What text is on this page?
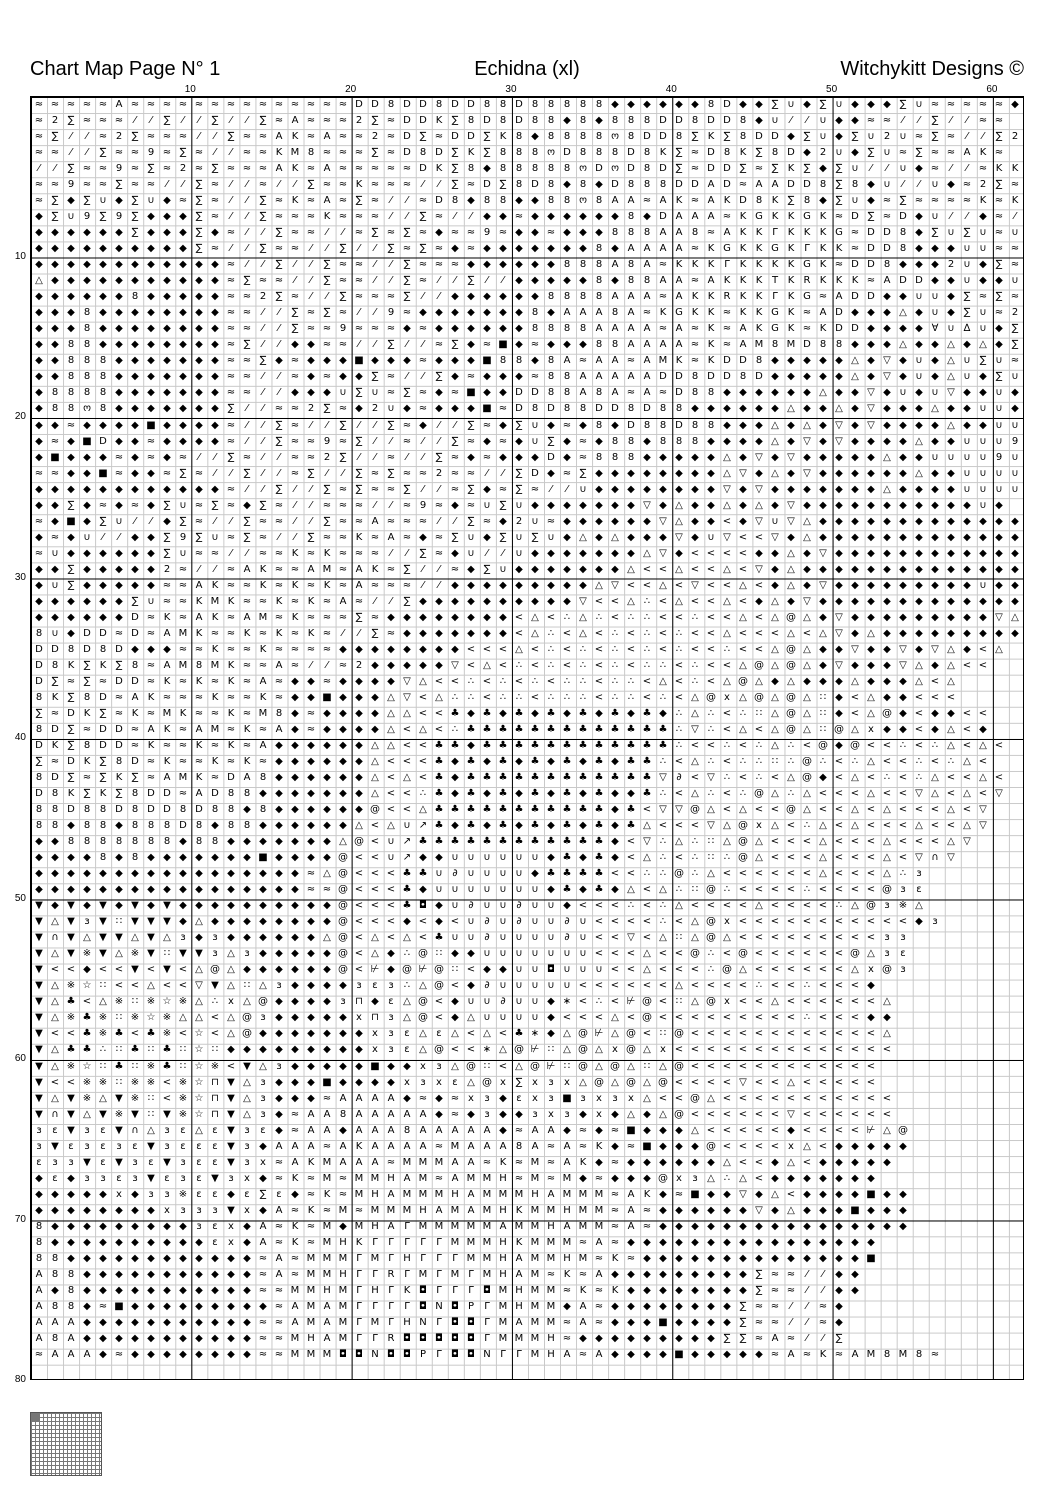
Chart Map Page N° 1	Echidna (xl)	Witchykitt Designs ©
10	20	30	40	50	60
10
20
30
40
50
60
70
80
≈ ≈ ≈ ≈ ≈ A ≈ ≈ ≈ ≈ ≈ ≈ ≈ ≈ ≈ ≈ ≈ ≈ ≈ ≈ D D 8 D D 8 D D 8 8 D 8 8 8 8 8 ◆ ◆ ◆ ◆ ◆ ◆ 8 D ◆ ◆ ∑ ∪ ◆ ∑ ∪ ◆ ◆ ◆ ∑ ∪ ≈ ≈ ≈ ≈ ≈ ◆
≈ 2 ∑ ≈ ≈ ≈	⁄	⁄	∑	⁄	⁄	∑	⁄	⁄	∑ ≈ A ≈ ≈ ≈ 2 ∑ ≈ D D K ∑ 8 D 8 D 8 8 ◆ 8 ◆ 8 8 8 D D 8 D D 8 ◆ ∪	⁄	⁄	∪ ◆ ◆ ≈ ≈	⁄	⁄	∑	⁄	⁄	≈ ≈
≈ ∑	⁄	⁄	≈ 2 ∑ ≈ ≈ ≈	⁄	⁄	∑ ≈ ≈ A K ≈ A ≈ ≈ 2 ≈ D ∑ ≈ D D ∑ K 8 ◆ 8 8 8 8 ო 8 D D 8 ∑ K ∑ 8 D D ◆ ∑ ∪ ◆ ∑ ∪ 2 ∪ ≈ ∑ ≈	⁄	⁄	∑ 2
≈ ≈	⁄	⁄	∑ ≈ ≈ 9 ≈ ∑ ≈	⁄	⁄	≈ ≈ K M 8 ≈ ≈ ≈ ∑ ≈ D 8 D ∑ K ∑ 8 8 8 ო D 8 8 8 D 8 K ∑ ≈ D 8 K ∑ 8 D ◆ 2 ∪ ◆ ∑ ∪ ≈ ∑ ≈ ≈ A K ≈
⁄	⁄	∑ ≈ ≈ 9 ≈ ∑ ≈ 2 ≈ ∑ ≈ ≈ ≈ A K ≈ A ≈ ≈ ≈ ≈ ≈ D K ∑ 8 ◆ 8 8 8 8 8 ო D ო D 8 D ∑ ≈ D D ∑ ≈ ∑ K ∑ ◆ ∑ ∪	⁄	⁄	∪ ◆ ≈	⁄	⁄	≈ K K
≈ ≈ 9 ≈ ≈ ∑ ≈ ≈	⁄	⁄	∑ ≈	⁄	⁄	≈	⁄	⁄	∑ ≈ ≈ K ≈ ≈ ≈	⁄	⁄	∑ ≈ D ∑ 8 D 8 ◆ 8 ◆ D 8 8 8 D D A D ≈ A A D D 8 ∑ 8 ◆ ∪	⁄	⁄	∪ ◆ ≈ 2 ∑ ≈
≈ ∑ ◆ ∑ ∪ ◆ ∑ ∪ ◆ ≈ ∑ ≈	⁄	⁄	∑ ≈ K ≈ A ≈ ∑ ≈	⁄	⁄	≈ D 8 ◆ 8 8 ◆ ◆ 8 8 ო 8 A A ≈ A K ≈ A K D 8 K ∑ 8 ◆ ∑ ∪ ◆ ≈ ∑ ≈ ≈ ≈ ≈ K ≈ K
◆ ∑ ∪ 9 ∑ 9 ∑ ◆ ◆ ◆ ∑ ≈	⁄	⁄	∑ ≈ ≈ ≈ K ≈ ≈ ≈	⁄	⁄	∑ ≈	⁄	⁄	◆ ◆ ≈ ◆ ◆ ◆ ◆ ◆ ◆ 8 ◆ D A A A ≈ K G K K G K ≈ D ∑ ≈ D ◆ ∪	⁄	⁄	◆ ≈	⁄
◆ ◆ ◆ ◆ ◆ ◆ ∑ ◆ ◆ ◆ ∑ ◆ ≈	⁄	⁄	∑ ≈ ≈	⁄	⁄	≈ ∑ ≈ ∑ ≈ ◆ ≈ ≈ 9 ≈ ◆ ◆ ≈ ◆ ◆ ◆ 8 8 8 A A 8 ≈ A K K Γ K K K G ≈ D D 8 ◆ ∑ ∪ ∑ ∪ ≈ ∪
◆ ◆ ◆ ◆ ◆ ◆ ◆ ◆ ◆ ◆ ∑ ≈	⁄	⁄	∑ ≈ ≈	⁄	⁄	∑	⁄	⁄	∑ ≈ ∑ ≈ ◆ ≈ ◆ ◆ ◆ ◆ ◆ ◆ ◆ 8 ◆ A A A A ≈ K G K K G K Γ K K ≈ D D 8 ◆ ◆ ◆ ∪ ∪ ≈ ≈
◆ ◆ ◆ ◆ ◆ ◆ ◆ ◆ ◆ ◆ ◆ ◆ ≈	⁄	⁄	∑	⁄	⁄	∑ ≈ ≈	⁄	⁄	∑ ≈ ≈ ≈ ◆ ◆ ◆ ◆ ◆ ◆ 8 8 8 A 8 A ≈ K K K Γ K K K K G K ≈ D D 8 ◆ ◆ ◆ 2 ∪ ◆ ∑ ≈
△ ◆ ◆ ◆ ◆ ◆ ◆ ◆ ◆ ◆ ◆ ◆ ≈ ∑ ≈ ≈	⁄	⁄	∑ ≈ ≈	⁄	⁄	∑ ≈	⁄	⁄	∑	⁄	⁄	◆ ◆ ◆ ◆ ◆ 8 ◆ 8 8 A A ≈ A K K K T K R K K K ≈ A D D ◆ ◆ ∪ ◆ ◆ ∪
◆ ◆ ◆ ◆ ◆ ◆ 8 ◆ ◆ ◆ ◆ ◆ ≈ ≈ 2 ∑ ≈	⁄	⁄	∑ ≈ ≈ ≈ ∑	⁄	⁄	◆ ◆ ◆ ◆ ◆ ◆ 8 8 8 8 A A A ≈ A K K R K K Γ K G ≈ A D D ◆ ◆ ∪ ∪ ◆ ∑ ≈ ∑ ≈
◆ ◆ ◆ 8 ◆ ◆ ◆ ◆ ◆ ◆ ◆ ◆ ≈ ≈	⁄	⁄	∑ ≈ ∑ ≈	⁄	⁄	9 ≈ ◆ ◆ ◆ ◆ ◆ ◆ ◆ 8 ◆ A A A 8 A ≈ K G K K ≈ K K G K ≈ A D ◆ ◆ ◆ △ ◆ ∪ ◆ ∑ ∪ ≈ 2
◆ ◆ ◆ 8 ◆ ◆ ◆ ◆ ◆ ◆ ◆ ◆ ≈ ≈	⁄	⁄	∑ ≈ ≈ 9 ≈ ≈ ≈ ◆ ≈ ◆ ◆ ◆ ◆ ◆ ◆ 8 8 8 8 A A A A ≈ A ≈ K ≈ A K G K ≈ K D D ◆ ◆ ◆ ◆ ∀ ∪ ∆ ∪ ◆ ∑
◆ ◆ 8 8 ◆ ◆ ◆ ◆ ◆ ◆ ◆ ◆ ≈ ∑	⁄	⁄	◆ ◆ ≈ ≈	⁄	⁄	∑	⁄	⁄	≈ ∑ ◆ ≈ ■ ◆ ≈ ◆ ◆ ◆ 8 8 A A A A ≈ K ≈ A M 8 M D 8 8 ◆ ◆ ◆ △ ◆ ◆ △ ◆ △ ◆ ∑
◆ ◆ 8 8 8 ◆ ◆ ◆ ◆ ◆ ◆ ◆ ≈ ≈ ∑ ◆ ≈ ◆ ◆ ◆ ■ ◆ ◆ ◆ ≈ ◆ ◆ ◆ ■ 8 8 ◆ 8 A ≈ A A ≈ A M K ≈ K D D 8 ◆ ◆ ◆ ◆ ◆ △ ◆ ▽ ◆ ∪ ◆ △ ∪ ∑ ∪ ≈
◆ ◆ 8 8 8 ◆ ◆ ◆ ◆ ◆ ◆ ◆ ≈ ≈	⁄	⁄	≈ ◆ ≈ ◆ ◆ ∑ ≈	⁄	⁄	∑ ◆ ≈ ◆ ◆ ◆ ≈ 8 8 A A A A A D D 8 D D 8 D ◆ ◆ ◆ ◆ ◆ △ ◆ ▽ ◆ ∪ ◆ △ ∪ ◆ ∑ ∪
◆ 8 8 8 8 ◆ ◆ ◆ ◆ ◆ ◆ ◆ ≈ ≈	⁄	⁄	◆ ◆ ◆ ∪ ∑ ∪ ≈ ∑ ≈ ◆ ≈ ■ ◆ ◆ D D 8 8 A 8 A ≈ A ≈ D 8 8 ◆ ◆ ◆ ◆ ◆ ◆ △ ◆ ◆ ▽ ◆ ∪ ◆ ∪ ▽ ◆ ◆ ∪ ◆
◆ 8 8 ო 8 ◆ ◆ ◆ ◆ ◆ ◆ ◆ ∑	⁄	⁄	≈ ≈ 2 ∑ ≈ ◆ 2 ∪ ◆ ≈ ◆ ◆ ◆ ■ ≈ D 8 D 8 8 D D 8 D 8 8 ◆ ◆ ◆ ◆ ◆ ◆ △ ◆ ◆ △ ◆ ▽ ◆ ◆ ◆ △ ◆ ◆ ∪ ∪ ◆
◆ ◆ ≈ ◆ ◆ ◆ ◆ ■ ◆ ◆ ◆ ◆ ≈	⁄	⁄	∑ ≈	⁄	⁄	∑	⁄	⁄	∑ ≈ ◆	⁄	⁄	∑ ≈ ◆ ∑ ∪ ◆ ≈ ◆ 8 ◆ D 8 8 D 8 8 ◆ ◆ ◆ △ ◆ △ ◆ ▽ ◆ ▽ ◆ ◆ ◆ ◆ △ ◆ ◆ ∪ ∪
◆ ≈ ◆ ■ D ◆ ◆ ≈ ◆ ◆ ◆ ◆ ≈	⁄	⁄	∑ ≈ ≈ 9 ≈ ∑	⁄	⁄	≈	⁄	⁄	∑ ≈ ◆ ≈ ◆ ∪ ∑ ◆ ≈ ◆ 8 8 ◆ 8 8 8 ◆ ◆ ◆ ◆ △ ◆ ▽ ◆ ▽ ◆ ◆ ◆ ◆ △ ◆ ◆ ∪ ∪ ∪ 9
◆ ■ ◆ ◆ ◆ ≈ ◆ ≈ ◆ ≈	⁄	⁄	∑ ≈	⁄	⁄	≈ ≈ 2 ∑	⁄	⁄	≈	⁄	⁄	∑ ≈ ◆ ≈ ◆ ◆ ◆ D ◆ ≈ 8 8 8 ◆ ◆ ◆ ◆ ◆ △ ◆ ▽ ◆ ▽ ◆ ◆ ◆ ◆ ◆ △ ◆ ◆ ∪ ∪ ∪ ∪ 9 ∪
≈ ≈ ◆ ◆ ■ ≈ ◆ ◆ ≈ ∑ ≈	⁄	⁄	∑	⁄	⁄	≈ ∑	⁄	⁄	∑ ≈ ∑ ≈ ≈ 2 ≈ ≈	⁄	⁄	∑ D ◆ ≈ ∑ ◆ ◆ ◆ ◆ ◆ ◆ ◆ ◆ △ ▽ ◆ △ ◆ ▽ ◆ ◆ ◆ ◆ ◆ ◆ △ ◆ ◆ ∪ ∪ ∪ ∪
◆ ◆ ◆ ◆ ◆ ◆ ◆ ◆ ◆ ◆ ◆ ◆ ≈	⁄	⁄	∑	⁄	⁄	∑ ≈ ∑ ≈ ≈ ∑	⁄	⁄	≈ ∑ ◆ ≈ ∑ ≈	⁄	⁄	∪ ◆ ◆ ◆ ◆ ◆ ◆ ◆ ◆ ▽ ◆ ▽ ◆ ◆ ◆ ◆ ◆ ◆ ◆ △ ◆ ◆ ◆ ◆ ∪ ∪ ∪ ∪
◆ ◆ ∑ ◆ ≈ ◆ ≈ ◆ ∑ ∪ ≈ ∑ ≈ ◆ ∑ ≈	⁄	⁄	≈ ≈ ≈	⁄	⁄	≈ 9 ≈ ◆ ≈ ∪ ∑ ∪ ◆ ◆ ◆ ◆ ◆ ◆ ◆ ▽ ◆ △ ◆ ◆ △ ◆ △ ◆ ▽ ◆ ◆ ◆ ◆ ◆ ◆ ◆ ◆ ◆ ◆ ◆ ∪ ◆
≈ ◆ ■ ◆ ∑ ∪	⁄	⁄	◆ ∑ ≈	⁄	⁄	∑ ≈ ≈	⁄	⁄	∑ ≈ ≈ A ≈ ≈ ≈	⁄	⁄	∑ ≈ ◆ 2 ∪ ≈ ◆ ◆ ◆ ◆ ◆ ◆ ▽ △ ◆ ◆ < ◆ ▽ ∪ ▽ △ ◆ ◆ ◆ ◆ ◆ ◆ ◆ ◆ ◆ ◆ ◆ ◆ ◆
◆ ≈ ◆ ∪	⁄	⁄	◆ ◆ ∑ 9 ∑ ∪ ≈ ∑ ≈	⁄	⁄	∑ ≈ ≈ K ≈ A ≈ ◆ ≈ ∑ ∪ ◆ ∑ ∪ ∑ ∪ ◆ △ ◆ △ ◆ ◆ ◆ ▽ ◆ ∪ ▽ < < ▽ ◆ △ ◆ ◆ ◆ ◆ ◆ ◆ ◆ ◆ ◆ ◆ ◆ ◆ ◆
≈ ∪ ◆ ◆ ◆ ◆ ◆ ◆ ∑ ∪ ≈ ≈	⁄	⁄	≈ ≈ K ≈ K ≈ ≈ ≈	⁄	⁄	∑ ≈ ◆ ∪	⁄	⁄	∪ ◆ ◆ ◆ ◆ ◆ ◆ ◆ △ ▽ ◆ < < < < ◆ ◆ △ ◆ ▽ ◆ ◆ ◆ ◆ ◆ ◆ ◆ ◆ ◆ ◆ ◆ ◆
◆ ◆ ∑ ◆ ◆ ◆ ◆ ◆ 2 ≈	⁄	⁄	≈ A K ≈ ≈ A M ≈ A K ≈ ∑	⁄	⁄	≈ ◆ ∑ ∪ ◆ ◆ ◆ ◆ ◆ ◆ ◆ △ < < △ < < △ < ▽ ◆ △ ◆ ◆ ◆ ◆ ◆ ◆ ◆ ◆ ◆ ◆ ◆ ◆ ◆ ◆
◆ ∪ ∑ ◆ ◆ ◆ ◆ ◆ ≈ ≈ A K ≈ ≈ K ≈ K ≈ K ≈ A ≈ ≈ ≈	⁄	⁄	◆ ◆ ◆ ◆ ◆ ◆ ◆ ◆ ◆ △ ▽ < < △ < ▽ < < △ < ◆ △ ◆ ▽ ◆ ◆ ◆ ◆ ◆ ◆ ◆ ◆ ◆ ∪ ◆ ◆
◆ ◆ ◆ ◆ ◆ ◆ ∑ ∪ ≈ ≈ K M K ≈ ≈ K ≈ K ≈ A ≈	⁄	⁄	∑ ◆ ◆ ◆ ◆ ◆ ◆ ◆ ◆ ◆ ◆ ▽ < < △ ∴ < △ < < △ < ◆ △ ◆ ▽ ◆ ◆ ◆ ◆ ◆ ◆ ◆ ◆ ◆ ◆ ◆ ◆ ◆
◆ ◆ ◆ ◆ ◆ ◆ D ≈ K ≈ A K ≈ A M ≈ K ≈ ≈ ≈ ∑ ≈ ◆ ◆ ◆ ◆ ◆ ◆ ◆ ◆ < △ < ∴ △ ∴ < ∴ ∴ < < ∴ < < △ < △ @ △ ◆ ▽ ◆ ◆ ◆ ◆ ◆ ◆ ◆ ◆ ◆ ▽ △
8 ∪ ◆ D D ≈ D ≈ A M K ≈ ≈ K ≈ K ≈ K ≈	⁄	⁄	∑ ≈ ◆ ◆ ◆ ◆ ◆ ◆ ◆ < △ ∴ < △ < ∴ < ∴ < ∴ < < △ < < < △ < △ ▽ ◆ △ ◆ ◆ ◆ ◆ ◆ ◆ ◆ ◆ ◆
D D 8 D 8 D ◆ ◆ ◆ ≈ ≈ K ≈ ≈ K ≈ ≈ ≈ ≈ ◆ ◆ ◆ ◆ ◆ ◆ ◆ ◆ < < < △ < ∴ < ∴ < ∴ < ∴ < ∴ < < ∴ < < △ @ △ ◆ ◆ ▽ ◆ ◆ ▽ ◆ ▽ △ ◆ < △
D 8 K ∑ K ∑ 8 ≈ A M 8 M K ≈ ≈ A ≈	⁄	⁄	≈ 2 ◆ ◆ ◆ ◆ ◆ ▽ < △ < ∴ < ∴ < ∴ < ∴ < ∴ ∴ < ∴ < < △ @ △ @ △ ◆ ▽ ◆ ◆ ◆ ▽ △ ◆ △ < <
D ∑ ≈ ∑ ≈ D D ≈ K ≈ K ≈ K ≈ A ≈ ◆ ◆ ≈ ◆ ◆ ◆ ◆ ▽ △ < < ∴ < ∴ < ∴ < ∴ ∴ < ∴ ∴ < △ < ∴ < △ @ △ ◆ △ ◆ ◆ ◆ △ ◆ ◆ ◆ △ < △
8 K ∑ 8 D ≈ A K ≈ ≈ ≈ K ≈ ≈ K ≈ ◆ ◆ ■ ◆ ◆ ◆ △ ▽ < △ ∴ ∴ < ∴ ∴ < ∴ ∴ ∴ < ∴ ∴ < ∴ < △ @ x △ @ △ @ △ ∷ ◆ < △ ◆ ◆ < < <
∑ ≈ D K ∑ ≈ K ≈ M K ≈ ≈ K ≈ M 8 ◆ ≈ ◆ ◆ ◆ ◆ △ △ < < ♣ ◆ ♣ ◆ ♣ ◆ ♣ ◆ ♣ ◆ ♣ ◆ ♣ ◆ ∴ △ ∴ < ∴ ∷ △ @ △ ∷ ◆ < △ @ ◆ < ◆ ◆ < <
8 D ∑ ≈ D D ≈ A K ≈ A M ≈ K ≈ A ◆ ≈ ◆ ◆ ◆ ◆ △ < △ < ∴ ♣ ♣ ♣ ♣ ♣ ♣ ♣ ♣ ♣ ♣ ♣ ♣ ♣ ∴ ▽ ∴ < △ < △ @ △ ∷ @ △ x ◆ ◆ < ◆ △ < ◆
D K ∑ 8 D D ≈ K ≈ ≈ K ≈ K ≈ A ◆ ◆ ◆ ◆ ◆ ◆ △ △ < < ♣ ♣ ◆ ♣ ♣ ♣ ♣ ♣ ♣ ♣ ♣ ♣ ♣ ♣ ♣ ∴ < < ∴ < ∴ △ ∴ < @ ◆ @ < < ∴ < ∴ △ < △ <
∑ ≈ D K ∑ 8 D ≈ K ≈ ≈ K ≈ K ≈ ◆ ◆ ◆ ◆ ◆ ◆ △ < < < ♣ ◆ ♣ ◆ ♣ ◆ ♣ ◆ ♣ ◆ ♣ ◆ ♣ ♣ ∴ < △ ∴ < ∴ ∴ ∷ ∴ @ ∴ < ∴ △ < < ∴ < ∴ △ <
8 D ∑ ≈ ∑ K ∑ ≈ A M K ≈ D A 8 ◆ ◆ ◆ ◆ ◆ ◆ △ < △ < ♣ ◆ ♣ ♣ ♣ ♣ ♣ ♣ ♣ ♣ ♣ ♣ ♣ ♣ ▽ ∂ < ▽ ∴ < ∴ < △ @ ◆ < △ < ∴ < ∴ △ < < △ <
D 8 K ∑ K ∑ 8 D D ≈ A D 8 8 ◆ ◆ ◆ ◆ ◆ ◆ ◆ △ < < ∴ ♣ ◆ ♣ ◆ ♣ ◆ ♣ ◆ ♣ ◆ ♣ ◆ ◆ ♣ ∴ < △ ∴ < ∴ @ △ ∴ △ < < < △ < < ▽ △ < △ < ▽
8 8 D 8 8 D 8 D D 8 D 8 8 ◆ 8 ◆ ◆ ◆ ◆ ◆ ◆ @ < < △ ♣ ♣ ♣ ♣ ♣ ♣ ♣ ♣ ♣ ♣ ♣ ◆ ♣ < ▽ ▽ @ △ < △ < < @ △ < < △ < △ < < < △ < ▽
8 8 ◆ 8 8 ◆ 8 8 8 D 8 ◆ 8 8 ◆ ◆ ◆ ◆ ◆ ◆ △ < △ ∪ ↗ ♣ ◆ ♣ ◆ ♣ ◆ ♣ ◆ ♣ ◆ ♣ ◆ ♣ △ < < < ▽ △ @ x △ < ∴ △ < △ < < < △ < < △ ▽
◆ ◆ 8 8 8 8 8 8 8 ◆ 8 8 ◆ ◆ ◆ ◆ ◆ ◆ ◆ △ @ < ∪ ↗ ♣ ♣ ♣ ♣ ♣ ♣ ♣ ♣ ♣ ♣ ♣ ♣ ◆ < ▽ ∴ △ ∴ ∷ △ @ △ < < < △ < < < △ < < < △ ▽
◆ ◆ ◆ ◆ 8 ◆ 8 ◆ ◆ ◆ ◆ ◆ ◆ ◆ ■ ◆ ◆ ◆ ◆ @ < < ∪ ↗ ◆ ◆ ∪ ∪ ∪ ∪ ∪ ∪ ◆ ♣ ◆ ♣ ◆ < △ ∴ < ∴ ∷ ∴ @ △ < < < △ < < < △ < ▽ ∩ ▽
◆ ◆ ◆ ◆ ◆ ◆ ◆ ◆ ◆ ◆ ◆ ◆ ◆ ◆ ◆ ◆ ◆ ≈ △ @ < < < ♣ ♣ ∪ ∂ ∪ ∪ ∪ ∪ ◆ ♣ ♣ ♣ ♣ < < ∴ ∴ @ ∴ △ < < < < < < △ < < < △ ∴	ɜ
◆ ◆ ◆ ◆ ◆ ◆ ◆ ◆ ◆ ◆ ◆ ◆ ◆ ◆ ◆ ◆ ◆ ≈ ≈ @ < < < ♣ ◆ ∪ ∪ ∪ ∪ ∪ ∪ ∪ ◆ ♣ ◆ ♣ ◆ △ < △ ∴ ∷ @ ∴ < < < < ∴ < < < < @ ɜ	ɛ
▼ ◆ ▼ ◆ ▼ ◆ ▼ ◆ ▼ ◆ ◆ ◆ ◆ ◆ ◆ ◆ ◆ ◆ ◆ @ < < < ♣ ◘ ◆ ∪ ∂ ∪ ∪ ∂ ∪ ∪ ◆ < < < ∴ < ∴ △ < < < < △ < < < < ∴ △ @ ɜ ※ △
▼ △ ▼ ɜ ▼ ∷ ▼ ▼ ▼ ◆ △ ◆ ◆ ◆ ◆ ◆ ◆ ◆ ◆ @ < < < ◆ < ◆ < ∪ ∂ ∪ ∂ ∪ ∪ ∂ ∪ < < < < ∴ < △ @ x < < < < < < < < < < < ◆ ɜ
▼ ∩ ▼ △ ▼ ▼ △ ▼ △ ɜ ◆ ɜ ◆ ◆ ◆ ◆ ◆ ◆ △ @ < △ < △ < ♣ ∪ ∪ ∂ ∪ ∪ ∪ ∪ ∂ ∪ < < ▽ < △ ∷ △ @ △ < < < < < < < < < ɜ	ɜ
▼ △ ▼ ※ ▼ △ ※ ▼ ∷ ▼ ▼ ɜ △ ɜ ◆ ◆ ◆ ◆ ◆ @ < △ ◆ ∴ @ ∷ ◆ ◆ ∪ ∪ ∪ ∪ ∪ ∪ ∪ < < < △ < < @ ∴ < @ < < < < < < @ △ ɜ	ɛ
▼ < < ◆ < < ▼ < ▼ < △ @ △ ◆ ◆ ◆ ◆ ◆ ◆ @ < ⊬ ◆ @ ⊬ @ ∷ < ◆ ◆ ∪ ∪ ◘ ∪ ∪ ∪ < < △ < < < ∴ @ △ < < < < < < △ x @ ɜ
▼ △ ※ ☆ ∷ < < △ < < ▽ ▼ △ ∷ △ ɜ ◆ ◆ ◆ ◆ ɜ	ɛ	ɜ	∴ △ @ < ◆ ∂ ∪ ∪ ∪ ∪ ∪ < < < < < < △ < < < < ∴ < < ∴ < < < ◆
▼ △ ♣ < △ ※ ∷ ※ ☆ ※ △ ∴ x △ @ ◆ ◆ ◆ ◆ ɜ ⊓ ◆ ɛ △ @ < ◆ ∪ ∪ ∂ ∪ ∪ ◆ ∗ < ∴ < ⊬ @ < ∷ △ @ x < < △ < < < < < < △
▼ △ ※ ♣ ※ ∷ ※ ☆ ※ △ △ < △ @ ɜ ◆ ◆ ◆ ◆ ◆ x ⊓ ɜ △ @ < ◆ △ ∪ ∪ ∪ ∪ ◆ < < < △ < @ < < < < < < < < < ∴ < < < ◆ ◆
▼ < < ♣ ※ ♣ < ♣ ※ < ☆ < △ @ ◆ ◆ ◆ ◆ ◆ ◆ ◆ x	ɜ	ɛ △ ɛ △ < △ < ♣ ∗ ◆ △ @ ⊬ △ @ < ∷ @ < < < < < < < < < < < < △
▼ △ ♣ ♣ ∴ ∷ ♣ ∷ ♣ ∷ ☆ ∷ ◆ ◆ ◆ ◆ ◆ ◆ ◆ ◆ ◆ x	ɜ	ɛ △ @ < < ∗ △ @ ⊬ ∷ △ @ △ x @ △ x < < < < < < < < < < < < < <
▼ △ ※ ☆ ∷ ♣ ∷ ※ ♣ ∷ ☆ ※ < ▼ △ ɜ ◆ ◆ ◆ ◆ ◆ ■ ◆ ◆ x	ɜ △ @ ∷ < △ @ ⊬ ∷ @ △ @ △ ∷ △ @ < < < < < < < < < < < <
▼ < < ※ ※ ∷ ※ ※ < ※ ☆ ⊓ ▼ △ ɜ ◆ ◆ ◆ ■ ◆ ◆ ◆ ◆ x	ɜ	x	ɛ △ @ x ∑ x	ɜ	x △ @ △ @ △ @ < < < < ▽ < < △ < < < < <
▼ △ ▼ ※ △ ▼ ※ ∷ < ※ ☆ ⊓ ▼ △ ɜ ◆ ◆ ◆ ≈ A A A A ◆ ≈ ◆ ≈ x	ɜ ◆ ɛ	x	ɜ ■ ɜ	x	ɜ	x △ < < @ △ < < < < < < < < < < <
▼ ∩ ▼ △ ▼ ※ ▼ ∷ ▼ ※ ☆ ⊓ ▼ △ ɜ ◆ ≈ A A 8 A A A A A ◆ ≈ ◆ ɜ ◆ ◆ ɜ	x	ɜ ◆ x ◆ △ ◆ △ @ < < < < < < ▽ < < < < < <
ɜ	ɛ ▼ ɜ	ɛ ▼ ∩ △ ɜ	ɛ △ ɛ ▼ ɜ	ɛ ◆ ≈ A A ◆ A A A 8 A A A A A ◆ ≈ A A ◆ ≈ ◆ ≈ ■ ◆ ◆ ◆ △ < < < < < ◆ < < < < ⊬ △ @
ɜ ▼ ɛ	ɜ	ɛ	ɜ	ɛ ▼ ɜ	ɛ	ɛ	ɛ ▼ ɜ ◆ A A A ≈ A K A A A A ≈ M A A A 8 A ≈ A ≈ K ◆ ≈ ■ ◆ ◆ ◆ @ < < < < x △ < ◆ ◆ ◆ ◆ ◆
ɛ	ɜ	ɜ ▼ ɛ ▼ ɜ	ɛ ▼ ɜ	ɛ	ɛ ▼ ɜ	x ≈ A K M A A A ≈ M M M A A ≈ K ≈ M ≈ A K ◆ ≈ ◆ ◆ ◆ ◆ ◆ ◆ △ < < ◆ △ < ◆ ◆ ◆ ◆ ◆
◆ ɛ ◆ ɜ	ɜ	ɛ	ɜ ▼ ɛ	ɜ	ɛ ▼ ɜ	x ◆ ≈ K ≈ M ≈ M M H A M ≈ A M M H ≈ M ≈ M ◆ ≈ ◆ ◆ ◆ @ x	ɜ △ ∴ △ < ◆ ◆ ◆ ◆ ◆ ◆ ◆
◆ ◆ ◆ ◆ ◆ x ◆ ɜ	ɜ ※ ɛ	ɛ ◆ ɛ ∑ ɛ ◆ ≈ K ≈ M H A M M M H A M M M H A M M M ≈ A K ◆ ≈ ■ ◆ ◆ ▽ ◆ △ < ◆ ◆ ◆ ◆ ■ ◆ ◆
◆ ◆ ◆ ◆ ◆ ◆ ◆ ◆ x	ɜ	ɜ	ɜ ▼ x ◆ A ≈ K ≈ M ≈ M M M H A M A M H K M M H M M ≈ A ≈ ◆ ◆ ◆ ◆ ◆ ◆ ▽ ◆ △ ◆ ◆ ◆ ■ ◆ ◆ ◆
8 ◆ ◆ ◆ ◆ ◆ ◆ ◆ ◆ ◆ ɜ	ɛ	x ◆ A ≈ K ≈ M ◆ M H A Γ M M M M M A M M H A M M ≈ A ≈ ◆ ◆ ◆ ◆ ◆ ◆ ◆ ◆ ◆ ◆ ◆ ◆ ◆ ◆ ◆ ◆
8 ◆ ◆ ◆ ◆ ◆ ◆ ◆ ◆ ◆ ◆ ɛ	x ◆ A ≈ K ≈ M H K Γ	Γ	Γ	Γ	Γ M M M H K M M M ≈ A ≈ ◆ ◆ ◆ ◆ ◆ ◆ ◆ ◆ ◆ ◆ ◆ ◆ ◆ ◆ ◆ ◆
8 8 ◆ ◆ ◆ ◆ ◆ ◆ ◆ ◆ ◆ ◆ ◆ ◆ ≈ A ≈ M M M Γ M Γ H Γ	Γ	Γ M M H A M M H M ≈ K ≈ ◆ ◆ ◆ ◆ ◆ ◆ ◆ ◆ ◆ ◆ ◆ ◆ ◆ ◆ ■
A 8 8 ◆ ◆ ◆ ◆ ◆ ◆ ◆ ◆ ◆ ◆ ◆ ≈ A ≈ M M H Γ	Γ R Γ M Γ M Γ M H A M ≈ K ≈ A ◆ ◆ ◆ ◆ ◆ ◆ ◆ ◆ ◆ ∑ ≈ ≈	⁄	⁄	◆ ◆
A ◆ 8 ◆ ◆ ◆ ◆ ◆ ◆ ◆ ◆ ◆ ◆ ◆ ≈ ≈ M M H M Γ H Γ K ◘ Γ	Γ	Γ ◘ M H M M ≈ K ≈ K ◆ ◆ ◆ ◆ ◆ ◆ ◆ ◆ ∑ ≈ ≈	⁄	⁄	◆ ◆
A 8 8 ◆ ≈ ■ ◆ ◆ ◆ ◆ ◆ ◆ ◆ ◆ ◆ ≈ A M A M Γ	Γ	Γ	Γ ◘ N ◘ P	Γ M H M M ◆ A ≈ ◆ ◆ ◆ ◆ ◆ ◆ ◆ ◆ ∑ ≈ ≈	⁄	⁄	≈ ◆
A A A ◆ ◆ ◆ ◆ ◆ ◆ ◆ ◆ ◆ ◆ ◆ ≈ ≈ A M A M Γ M Γ H N Γ ◘ ◘ Γ M A M M ≈ A ≈ ◆ ◆ ◆ ■ ◆ ◆ ◆ ◆ ∑ ≈ ≈	⁄	⁄	≈ ◆
A 8 A ◆ ◆ ◆ ◆ ◆ ◆ ◆ ◆ ◆ ◆ ◆ ≈ ≈ M H A M Γ	Γ R ◘ ◘ ◘ ◘ ◘ Γ M M M H ≈ ◆ ◆ ◆ ◆ ◆ ◆ ◆ ◆ ◆ ∑ ∑ ≈ A ≈	⁄	⁄	∑
≈ A A A ◆ ≈ ◆ ◆ ◆ ◆ ◆ ◆ ◆ ◆ ≈ ≈ M M M ◘ ◘ N ◘ ◘ P	Γ ◘ ◘ N Γ	Γ M H A ≈ A ◆ ◆ ◆ ◆ ■ ◆ ◆ ◆ ◆ ◆ ≈ A ≈ K ≈ A M 8 M 8 ≈
